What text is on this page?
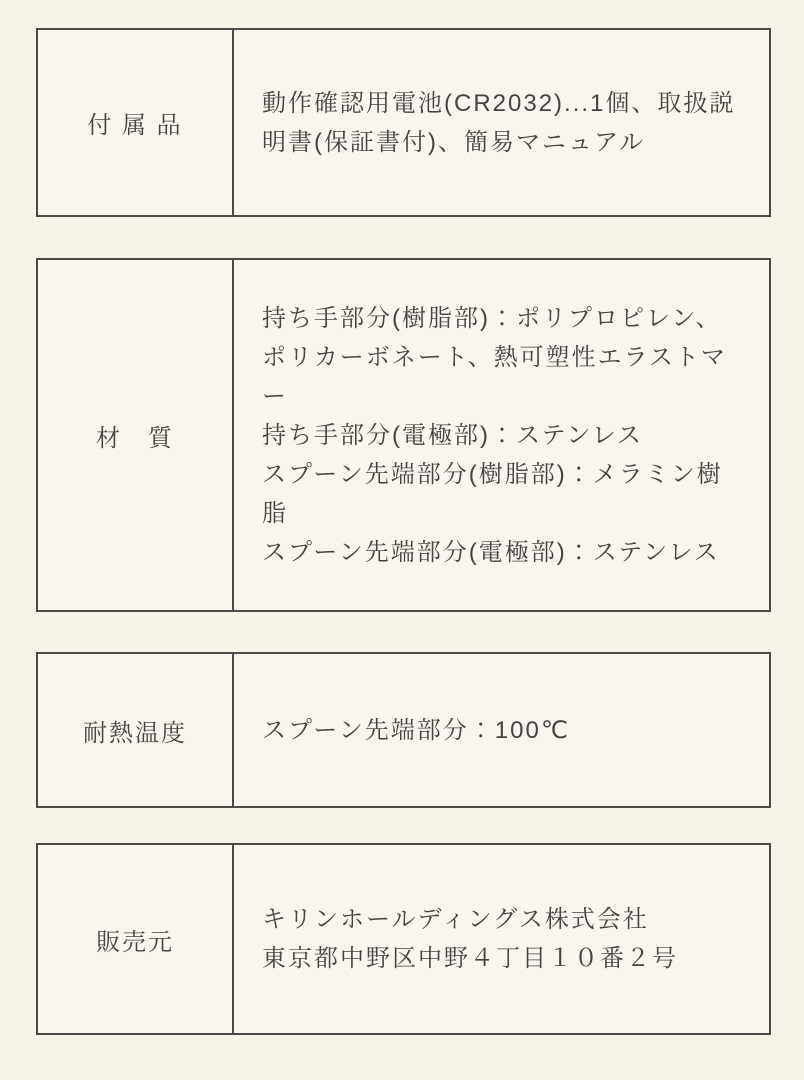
付 属 品
動作確認用電池(CR2032)...1個、取扱説明書(保証書付)、簡易マニュアル
材　質
持ち手部分(樹脂部)：ポリプロピレン、ポリカーボネート、熱可塑性エラストマー
持ち手部分(電極部)：ステンレス
スプーン先端部分(樹脂部)：メラミン樹脂
スプーン先端部分(電極部)：ステンレス
耐熱温度	スプーン先端部分：100℃
販売元
キリンホールディングス株式会社
東京都中野区中野４丁目１０番２号
